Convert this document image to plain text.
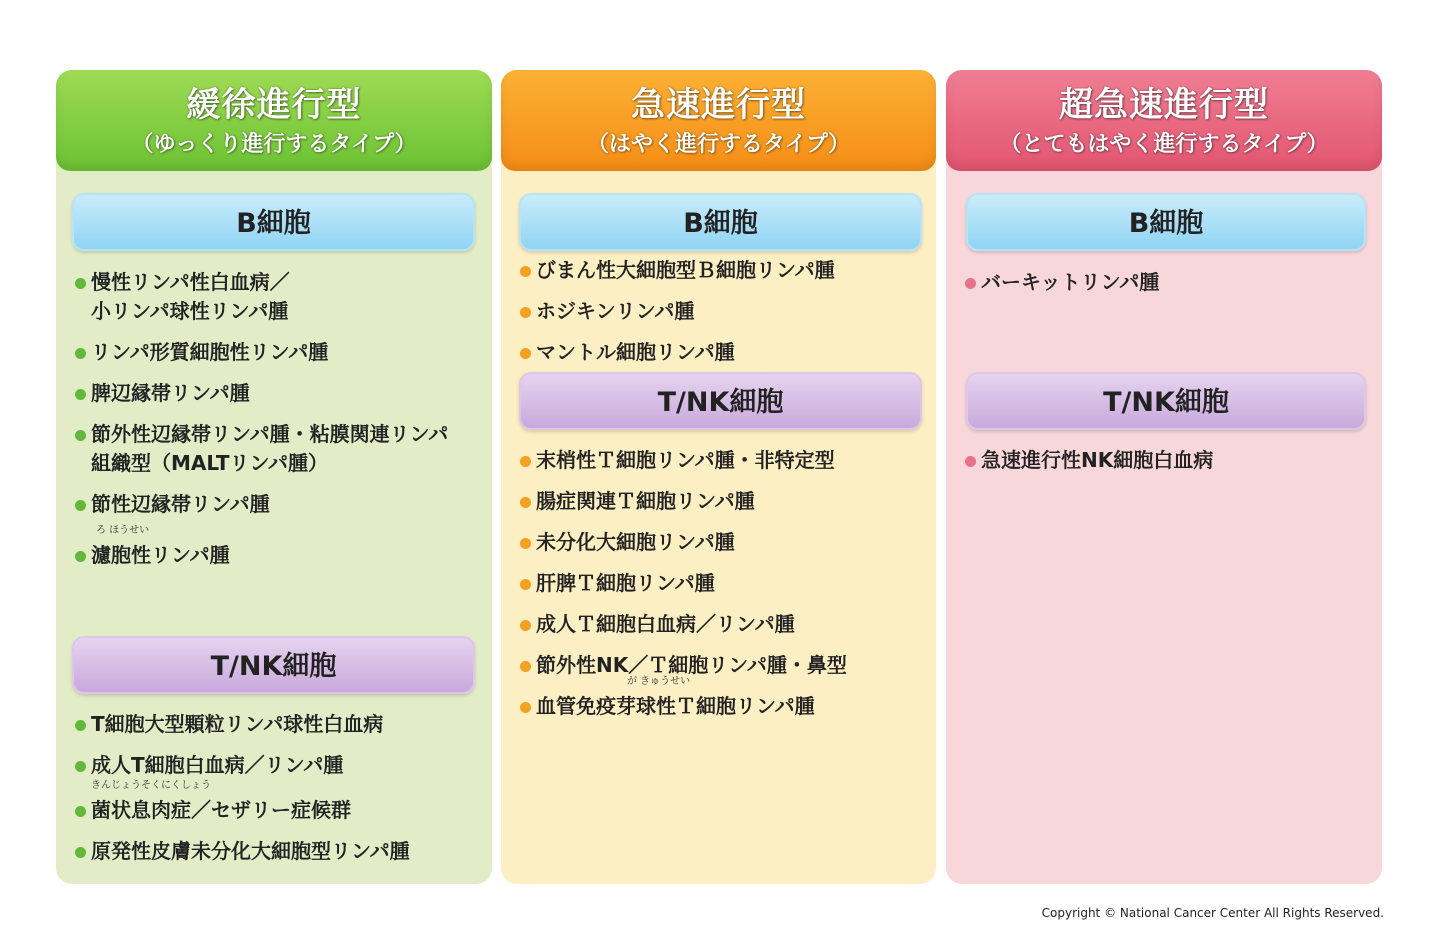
緩徐進行型
（ゆっくり進行するタイプ）
B細胞
慢性リンパ性白血病／
小リンパ球性リンパ腫
リンパ形質細胞性リンパ腫
脾辺縁帯リンパ腫
節外性辺縁帯リンパ腫・粘膜関連リンパ
組織型（MALTリンパ腫）
節性辺縁帯リンパ腫
ろ ほうせい
濾胞性リンパ腫
T/NK細胞
T細胞大型顆粒リンパ球性白血病
成人T細胞白血病／リンパ腫
きんじょうそくにくしょう
菌状息肉症／セザリー症候群
原発性皮膚未分化大細胞型リンパ腫
急速進行型
（はやく進行するタイプ）
B細胞
びまん性大細胞型Ｂ細胞リンパ腫
ホジキンリンパ腫
マントル細胞リンパ腫
T/NK細胞
末梢性Ｔ細胞リンパ腫・非特定型
腸症関連Ｔ細胞リンパ腫
未分化大細胞リンパ腫
肝脾Ｔ細胞リンパ腫
成人Ｔ細胞白血病／リンパ腫
節外性NK／Ｔ細胞リンパ腫・鼻型
が きゅうせい
血管免疫芽球性Ｔ細胞リンパ腫
超急速進行型
（とてもはやく進行するタイプ）
B細胞
バーキットリンパ腫
T/NK細胞
急速進行性NK細胞白血病
Copyright © National Cancer Center All Rights Reserved.
